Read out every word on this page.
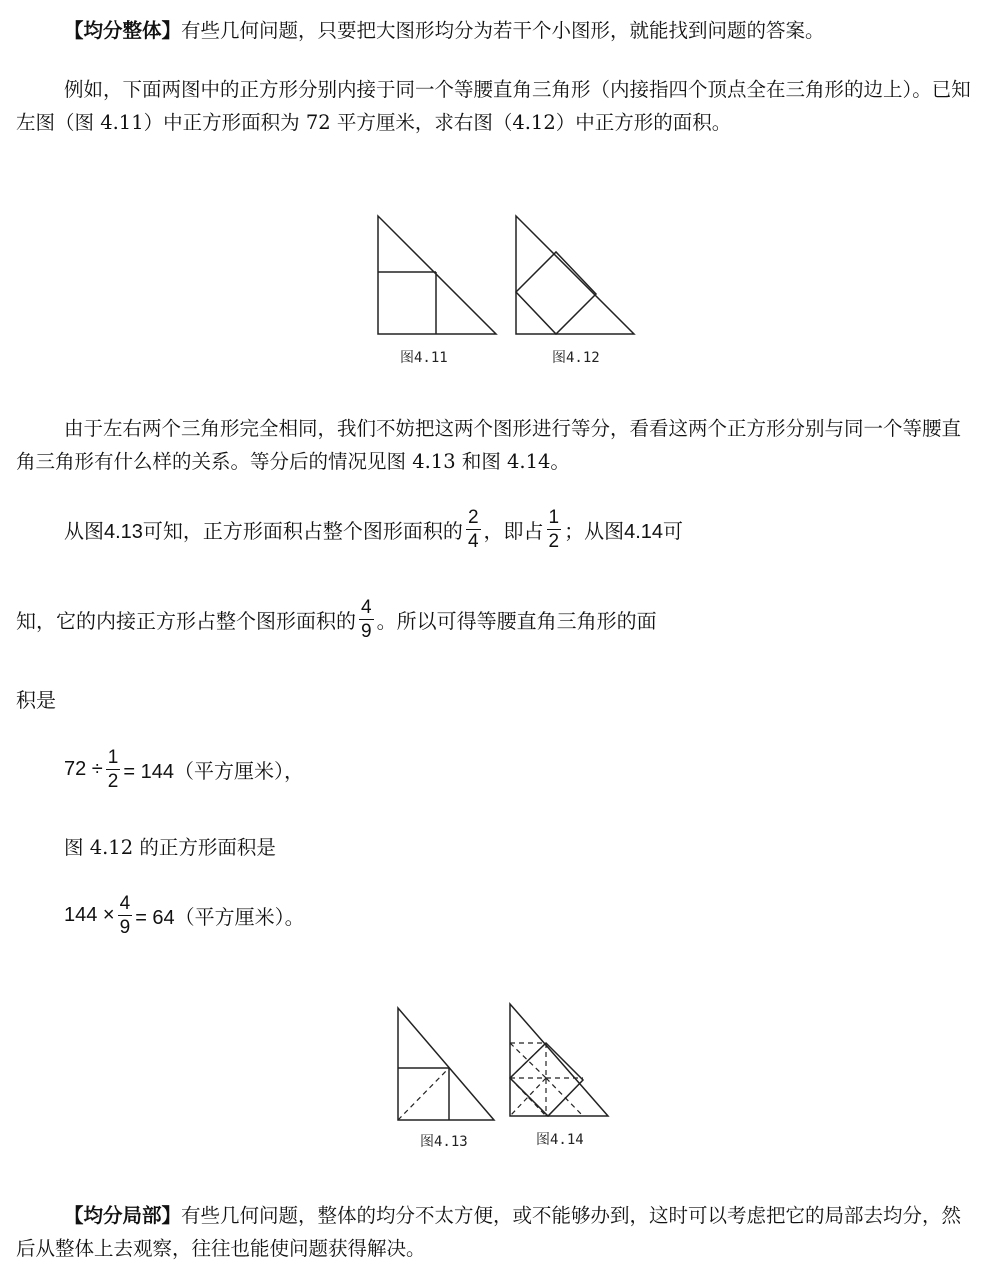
【均分整体】有些几何问题，只要把大图形均分为若干个小图形，就能找到问题的答案。

例如，下面两图中的正方形分别内接于同一个等腰直角三角形（内接指四个顶点全在三角形的边上）。已知左图（图 4.11）中正方形面积为 72 平方厘米，求右图（4.12）中正方形的面积。

图4.11	图4.12

由于左右两个三角形完全相同，我们不妨把这两个图形进行等分，看看这两个正方形分别与同一个等腰直角三角形有什么样的关系。等分后的情况见图 4.13 和图 4.14。

从图4.13可知，正方形面积占整个图形面积的 $\frac{2}{4}$ ，即占 $\frac{1}{2}$ ；从图4.14可
知，它的内接正方形占整个图形面积的 $\frac{4}{9}$ 。所以可得等腰直角三角形的面
积是
$72 \div \frac{1}{2} = 144$（平方厘米），
图 4.12 的正方形面积是
$144 \times \frac{4}{9} = 64$（平方厘米）。
图4.13	图4.14

【均分局部】有些几何问题，整体的均分不太方便，或不能够办到，这时可以考虑把它的局部去均分，然后从整体上去观察，往往也能使问题获得解决。
